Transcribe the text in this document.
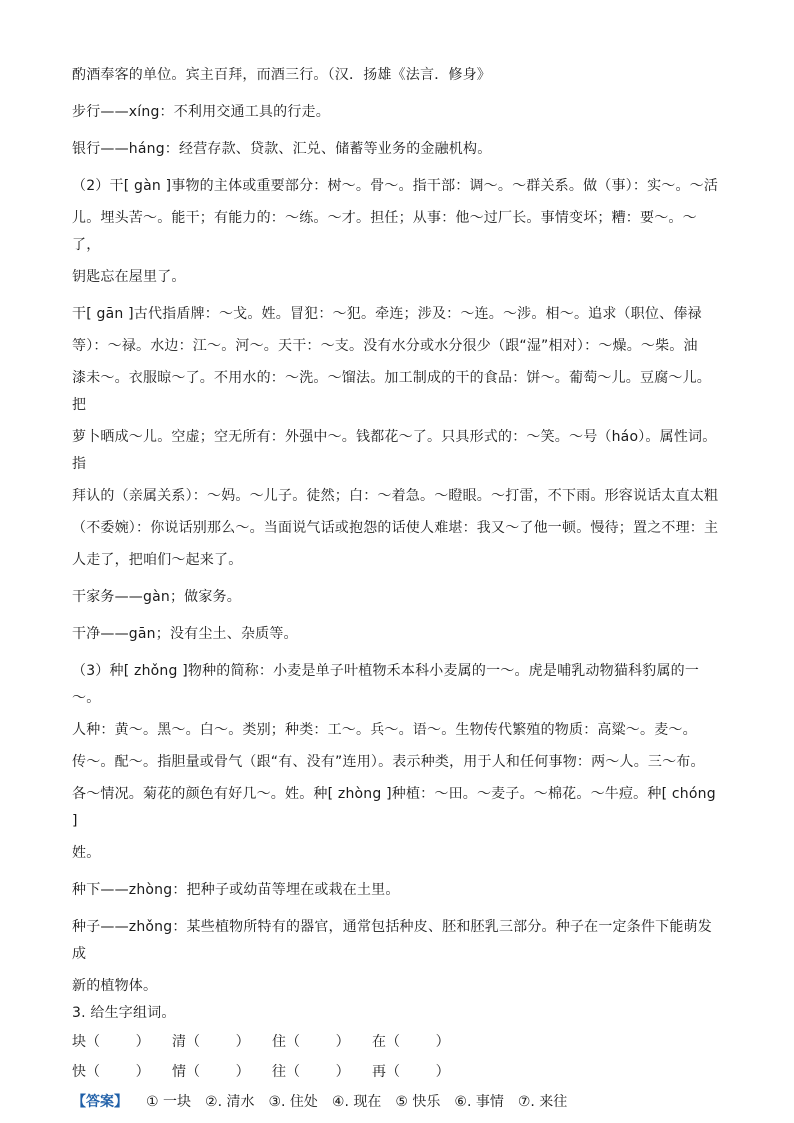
酌酒奉客的单位。宾主百拜，而酒三行。（汉．扬雄《法言．修身》

步行——xíng：不利用交通工具的行走。

银行——háng：经营存款、贷款、汇兑、储蓄等业务的金融机构。

（2）干[ gàn ]事物的主体或重要部分：树～。骨～。指干部：调～。～群关系。做（事）：实～。～活

儿。埋头苦～。能干；有能力的：～练。～才。担任；从事：他～过厂长。事情变坏；糟：要～。～了，

钥匙忘在屋里了。

干[ gān ]古代指盾牌：～戈。姓。冒犯：～犯。牵连；涉及：～连。～涉。相～。追求（职位、俸禄

等）：～禄。水边：江～。河～。天干：～支。没有水分或水分很少（跟“湿”相对）：～燥。～柴。油

漆未～。衣服晾～了。不用水的：～洗。～馏法。加工制成的干的食品：饼～。葡萄～儿。豆腐～儿。把

萝卜晒成～儿。空虚；空无所有：外强中～。钱都花～了。只具形式的：～笑。～号（háo）。属性词。指

拜认的（亲属关系）：～妈。～儿子。徒然；白：～着急。～瞪眼。～打雷，不下雨。形容说话太直太粗

（不委婉）：你说话别那么～。当面说气话或抱怨的话使人难堪：我又～了他一顿。慢待；置之不理：主

人走了，把咱们～起来了。

干家务——gàn；做家务。

干净——gān；没有尘土、杂质等。

（3）种[ zhǒng ]物种的简称：小麦是单子叶植物禾本科小麦属的一～。虎是哺乳动物猫科豹属的一～。

人种：黄～。黑～。白～。类别；种类：工～。兵～。语～。生物传代繁殖的物质：高粱～。麦～。

传～。配～。指胆量或骨气（跟“有、没有”连用）。表示种类，用于人和任何事物：两～人。三～布。

各～情况。菊花的颜色有好几～。姓。种[ zhòng ]种植：～田。～麦子。～棉花。～牛痘。种[ chóng ]

姓。

种下——zhòng：把种子或幼苗等埋在或栽在土里。

种子——zhǒng：某些植物所特有的器官，通常包括种皮、胚和胚乳三部分。种子在一定条件下能萌发成

新的植物体。

3. 给生字组词。

块（        ）	清（        ）	住（        ）	在（        ）
快（        ）	情（        ）	往（        ）	再（        ）
【答案】 ① 一块 ②. 清水 ③. 住处 ④. 现在 ⑤ 快乐 ⑥. 事情 ⑦. 来往
